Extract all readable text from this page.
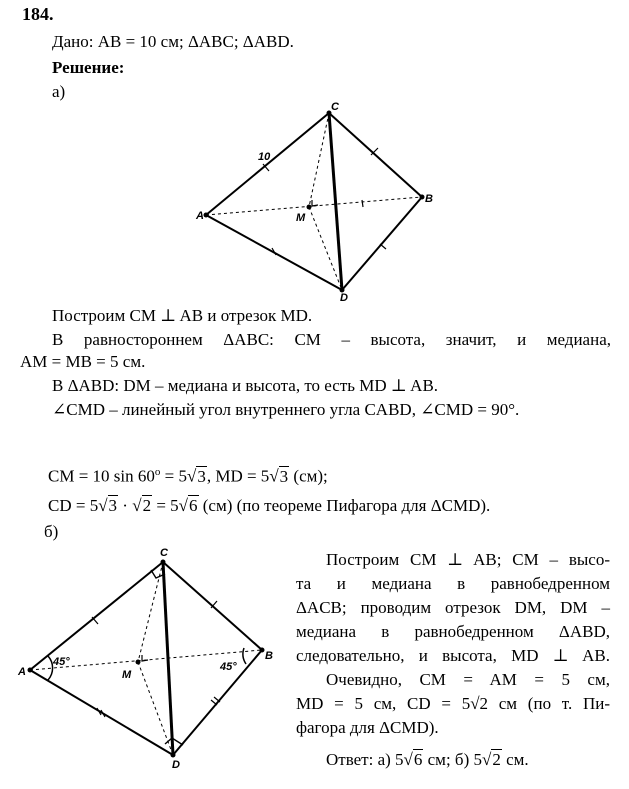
184.
Дано: AB = 10 см; ΔABC; ΔABD.
Решение:
а)
C
B
A
D
M
10
Построим CM ⊥ AB и отрезок MD.
В равностороннем ΔABC: CM – высота, значит, и медиана,
AM = MB = 5 см.
В ΔABD: DM – медиана и высота, то есть MD ⊥ AB.
∠CMD – линейный угол внутреннего угла CABD, ∠CMD = 90°.
CM = 10 $\sin 60^o = 5√3$, MD = 5√3 (см);
CD = 5√3 · √2 = 5√6 (см) (по теореме Пифагора для ΔCMD).
б)
C
B
A
D
M
45°	45°
Построим CM ⊥ AB; CM – высо-
та и медиана в равнобедренном
ΔACB; проводим отрезок DM, DM –
медиана в равнобедренном ΔABD,
следовательно, и высота, MD ⊥ AB.
Очевидно, CM = AM = 5 см,
MD = 5 см, CD = 5√2 см (по т. Пи-
фагора для ΔCMD).
Ответ: а) 5√6 см; б) 5√2 см.
